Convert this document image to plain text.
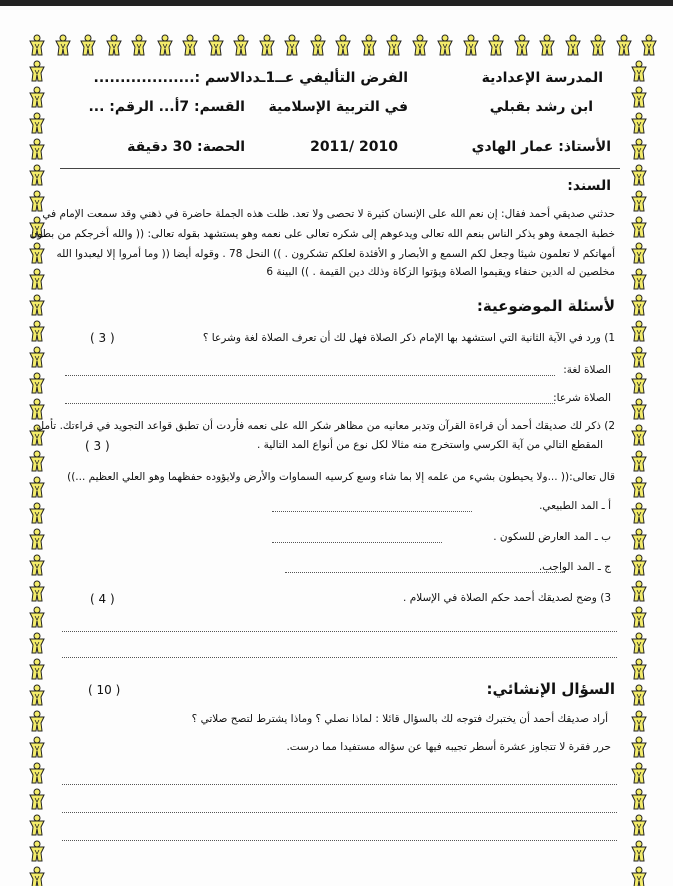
المدرسة الإعدادية
ابن رشد بقبلي
الأستاذ: عمار الهادي
الفرض التأليفي عــ1ـدد
في التربية الإسلامية
2011/ 2010
الاسم :...................
القسم: 7أ... الرقم: ...
الحصة: 30 دقيقة
السند:
حدثني صديقي أحمد فقال: إن نعم الله على الإنسان كثيرة لا تحصى ولا تعد. ظلت هذه الجملة حاضرة في ذهني وقد سمعت الإمام في
خطبة الجمعة وهو يذكر الناس بنعم الله تعالى ويدعوهم إلى شكره تعالى على نعمه وهو يستشهد بقوله تعالى: (( والله أخرجكم من بطون
أمهاتكم لا تعلمون شيئا وجعل لكم السمع و الأبصار و الأفئدة لعلكم تشكرون . )) النحل 78 . وقوله أيضا (( وما أمروا إلا ليعبدوا الله
مخلصين له الدين حنفاء ويقيموا الصلاة ويؤتوا الزكاة وذلك دين القيمة . )) البينة 6
لأسئلة الموضوعية:
1) ورد في الآية الثانية التي استشهد بها الإمام ذكر الصلاة فهل لك أن تعرف الصلاة لغة وشرعا ؟
( 3 )
الصلاة لغة:
الصلاة شرعا:
2) ذكر لك صديقك أحمد أن قراءة القرآن وتدبر معانيه من مظاهر شكر الله على نعمه فأردت أن تطبق قواعد التجويد في قراءتك. تأمل
المقطع التالي من آية الكرسي واستخرج منه مثالا لكل نوع من أنواع المد التالية .
( 3 )
قال تعالى:(( ...ولا يحيطون بشيء من علمه إلا بما شاء وسع كرسيه السماوات والأرض ولايؤوده حفظهما وهو العلي العظيم ...))
أ ـ المد الطبيعي.
ب ـ المد العارض للسكون .
ج ـ المد الواجب.
3) وضح لصديقك أحمد حكم الصلاة في الإسلام .
( 4 )
السؤال الإنشائي:
( 10 )
أراد صديقك أحمد أن يختبرك فتوجه لك بالسؤال قائلا : لماذا نصلي ؟ وماذا يشترط لتصح صلاتي ؟
حرر فقرة لا تتجاوز عشرة أسطر تجيبه فيها عن سؤاله مستفيدا مما درست.
